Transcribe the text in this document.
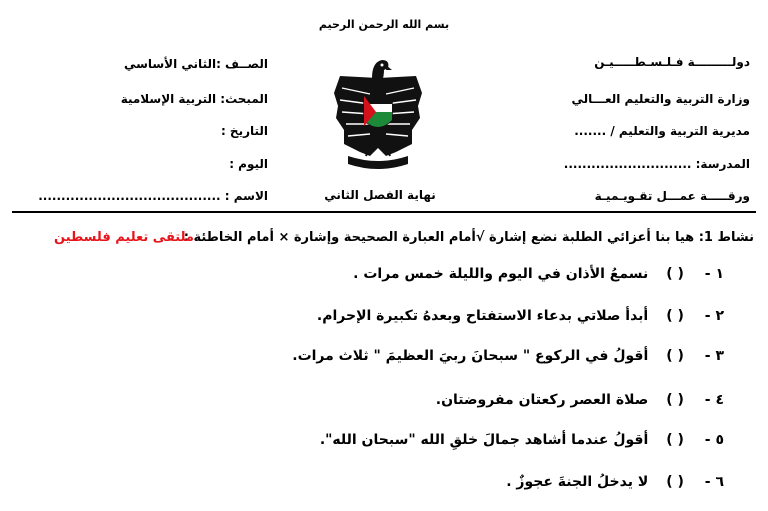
بسم الله الرحمن الرحيم
دولـــــــــة فـلـسـطـــــيـن
وزارة التربية والتعليم العـــالي
مديرية التربية والتعليم / .......
المدرسة: ............................
ورقـــــة عمـــل تقـويـميـة
الصــف :الثاني الأساسي
المبحث: التربية الإسلامية
التاريخ :
اليوم :
الاسم : ........................................	نهاية الفصل الثاني
نشاط 1: هيا بنا أعزائي الطلبة نضع إشارة √أمام العبارة الصحيحة وإشارة × أمام الخاطئة :
ملتقى تعليم فلسطين
١ - ( ) نسمعُ الأذان في اليوم والليلة خمس مرات .
٢ - ( ) أبدأ صلاتي بدعاء الاستفتاح وبعدهُ تكبيرة الإحرام.
٣ - ( ) أقولُ في الركوع " سبحانَ ربيَ العظيمَ " ثلاث مرات.
٤ - ( ) صلاة العصر ركعتان مفروضتان.
٥ - ( ) أقولُ عندما أشاهد جمالَ خلقِ الله "سبحان الله".
٦ - ( ) لا يدخلُ الجنةَ عجوزٌ .
